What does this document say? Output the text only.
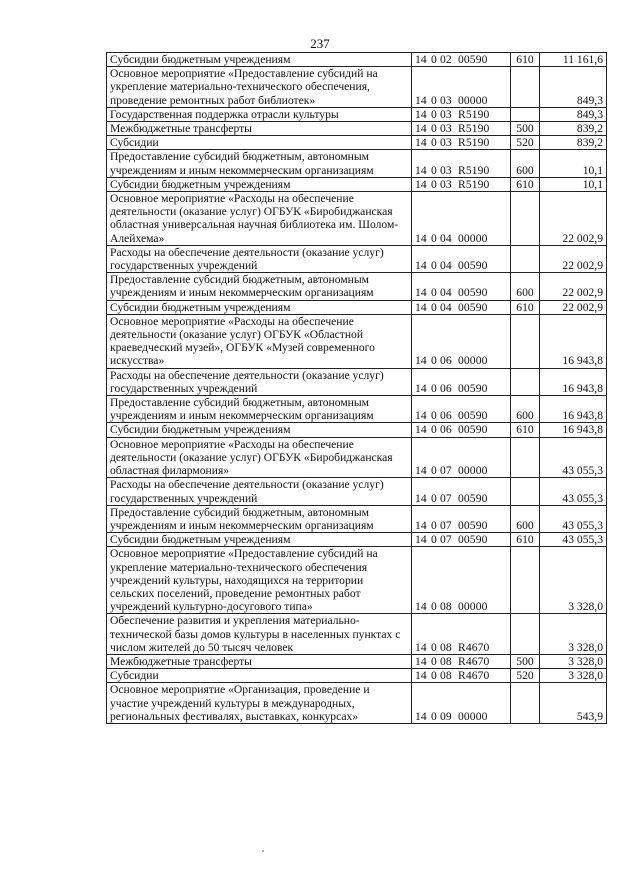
237
Субсидии бюджетным учреждениям	14 0 02 00590	610	11 161,6
Основное мероприятие «Предоставление субсидий на укрепление материально-технического обеспечения, проведение ремонтных работ библиотек»	14 0 03 00000		849,3
Государственная поддержка отрасли культуры	14 0 03 R5190		849,3
Межбюджетные трансферты	14 0 03 R5190	500	839,2
Субсидии	14 0 03 R5190	520	839,2
Предоставление субсидий бюджетным, автономным учреждениям и иным некоммерческим организациям	14 0 03 R5190	600	10,1
Субсидии бюджетным учреждениям	14 0 03 R5190	610	10,1
Основное мероприятие «Расходы на обеспечение деятельности (оказание услуг) ОГБУК «Биробиджанская областная универсальная научная библиотека им. Шолом-Алейхема»	14 0 04 00000		22 002,9
Расходы на обеспечение деятельности (оказание услуг) государственных учреждений	14 0 04 00590		22 002,9
Предоставление субсидий бюджетным, автономным учреждениям и иным некоммерческим организациям	14 0 04 00590	600	22 002,9
Субсидии бюджетным учреждениям	14 0 04 00590	610	22 002,9
Основное мероприятие «Расходы на обеспечение деятельности (оказание услуг) ОГБУК «Областной краеведческий музей», ОГБУК «Музей современного искусства»	14 0 06 00000		16 943,8
Расходы на обеспечение деятельности (оказание услуг) государственных учреждений	14 0 06 00590		16 943,8
Предоставление субсидий бюджетным, автономным учреждениям и иным некоммерческим организациям	14 0 06 00590	600	16 943,8
Субсидии бюджетным учреждениям	14 0 06 00590	610	16 943,8
Основное мероприятие «Расходы на обеспечение деятельности (оказание услуг) ОГБУК «Биробиджанская областная филармония»	14 0 07 00000		43 055,3
Расходы на обеспечение деятельности (оказание услуг) государственных учреждений	14 0 07 00590		43 055,3
Предоставление субсидий бюджетным, автономным учреждениям и иным некоммерческим организациям	14 0 07 00590	600	43 055,3
Субсидии бюджетным учреждениям	14 0 07 00590	610	43 055,3
Основное мероприятие «Предоставление субсидий на укрепление материально-технического обеспечения учреждений культуры, находящихся на территории сельских поселений, проведение ремонтных работ учреждений культурно-досугового типа»	14 0 08 00000		3 328,0
Обеспечение развития и укрепления материально-технической базы домов культуры в населенных пунктах с числом жителей до 50 тысяч человек	14 0 08 R4670		3 328,0
Межбюджетные трансферты	14 0 08 R4670	500	3 328,0
Субсидии	14 0 08 R4670	520	3 328,0
Основное мероприятие «Организация, проведение и участие учреждений культуры в международных, региональных фестивалях, выставках, конкурсах»	14 0 09 00000		543,9
